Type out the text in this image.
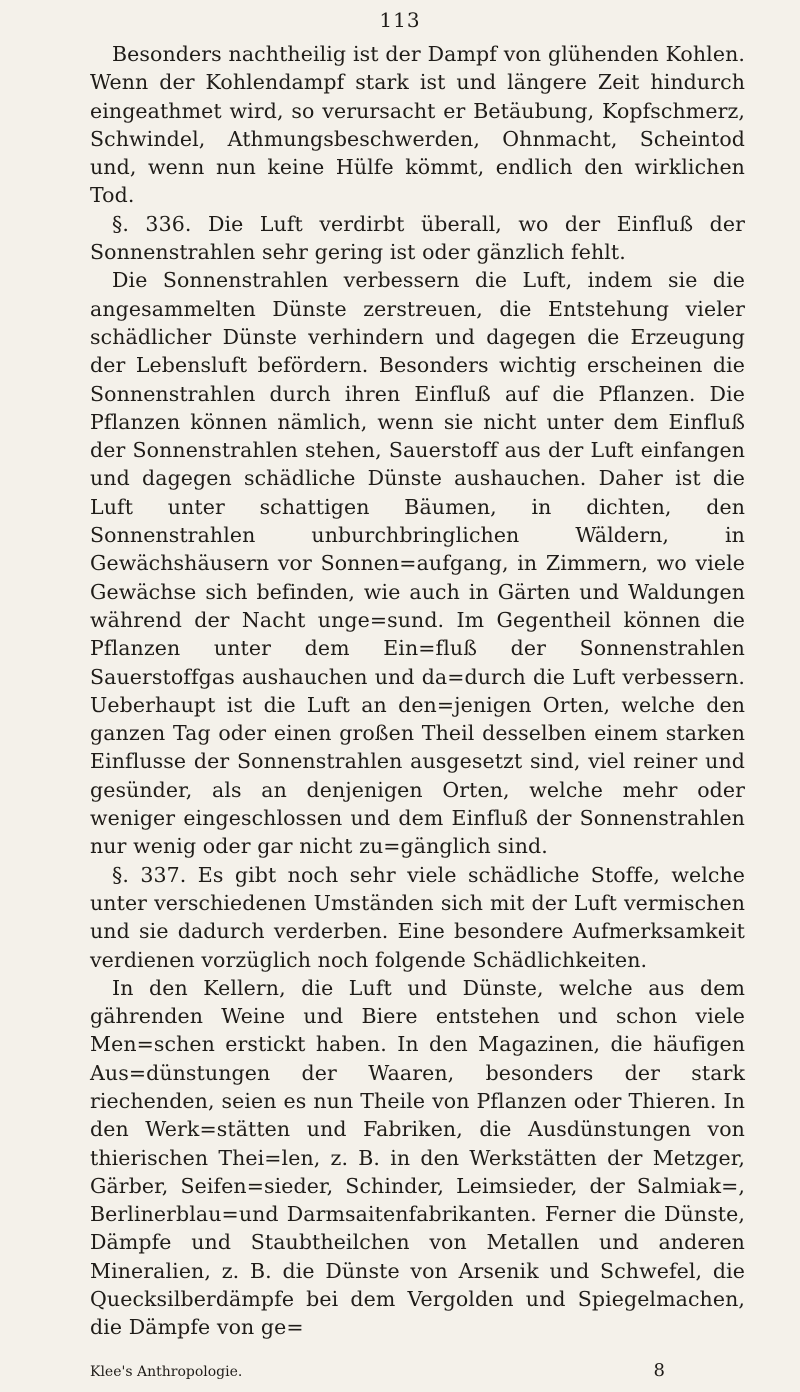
113

Besonders nachtheilig ist der Dampf von glühenden Kohlen. Wenn der Kohlendampf stark ist und längere Zeit hindurch eingeathmet wird, so verursacht er Betäubung, Kopfschmerz, Schwindel, Athmungsbeschwerden, Ohnmacht, Scheintod und, wenn nun keine Hülfe kömmt, endlich den wirklichen Tod.

§. 336. Die Luft verdirbt überall, wo der Einfluß der Sonnenstrahlen sehr gering ist oder gänzlich fehlt.

Die Sonnenstrahlen verbessern die Luft, indem sie die angesammelten Dünste zerstreuen, die Entstehung vieler schädlicher Dünste verhindern und dagegen die Erzeugung der Lebensluft befördern. Besonders wichtig erscheinen die Sonnenstrahlen durch ihren Einfluß auf die Pflanzen. Die Pflanzen können nämlich, wenn sie nicht unter dem Einfluß der Sonnenstrahlen stehen, Sauerstoff aus der Luft einfangen und dagegen schädliche Dünste aushauchen. Daher ist die Luft unter schattigen Bäumen, in dichten, den Sonnenstrahlen unburchbringlichen Wäldern, in Gewächshäusern vor Sonnen=aufgang, in Zimmern, wo viele Gewächse sich befinden, wie auch in Gärten und Waldungen während der Nacht unge=sund. Im Gegentheil können die Pflanzen unter dem Ein=fluß der Sonnenstrahlen Sauerstoffgas aushauchen und da=durch die Luft verbessern. Ueberhaupt ist die Luft an den=jenigen Orten, welche den ganzen Tag oder einen großen Theil desselben einem starken Einflusse der Sonnenstrahlen ausgesetzt sind, viel reiner und gesünder, als an denjenigen Orten, welche mehr oder weniger eingeschlossen und dem Einfluß der Sonnenstrahlen nur wenig oder gar nicht zu=gänglich sind.

§. 337. Es gibt noch sehr viele schädliche Stoffe, welche unter verschiedenen Umständen sich mit der Luft vermischen und sie dadurch verderben. Eine besondere Aufmerksamkeit verdienen vorzüglich noch folgende Schädlichkeiten.

In den Kellern, die Luft und Dünste, welche aus dem gährenden Weine und Biere entstehen und schon viele Men=schen erstickt haben. In den Magazinen, die häufigen Aus=dünstungen der Waaren, besonders der stark riechenden, seien es nun Theile von Pflanzen oder Thieren. In den Werk=stätten und Fabriken, die Ausdünstungen von thierischen Thei=len, z. B. in den Werkstätten der Metzger, Gärber, Seifen=sieder, Schinder, Leimsieder, der Salmiak=, Berlinerblau=und Darmsaitenfabrikanten. Ferner die Dünste, Dämpfe und Staubtheilchen von Metallen und anderen Mineralien, z. B. die Dünste von Arsenik und Schwefel, die Quecksilberdämpfe bei dem Vergolden und Spiegelmachen, die Dämpfe von ge=

Klee's Anthropologie.	8
